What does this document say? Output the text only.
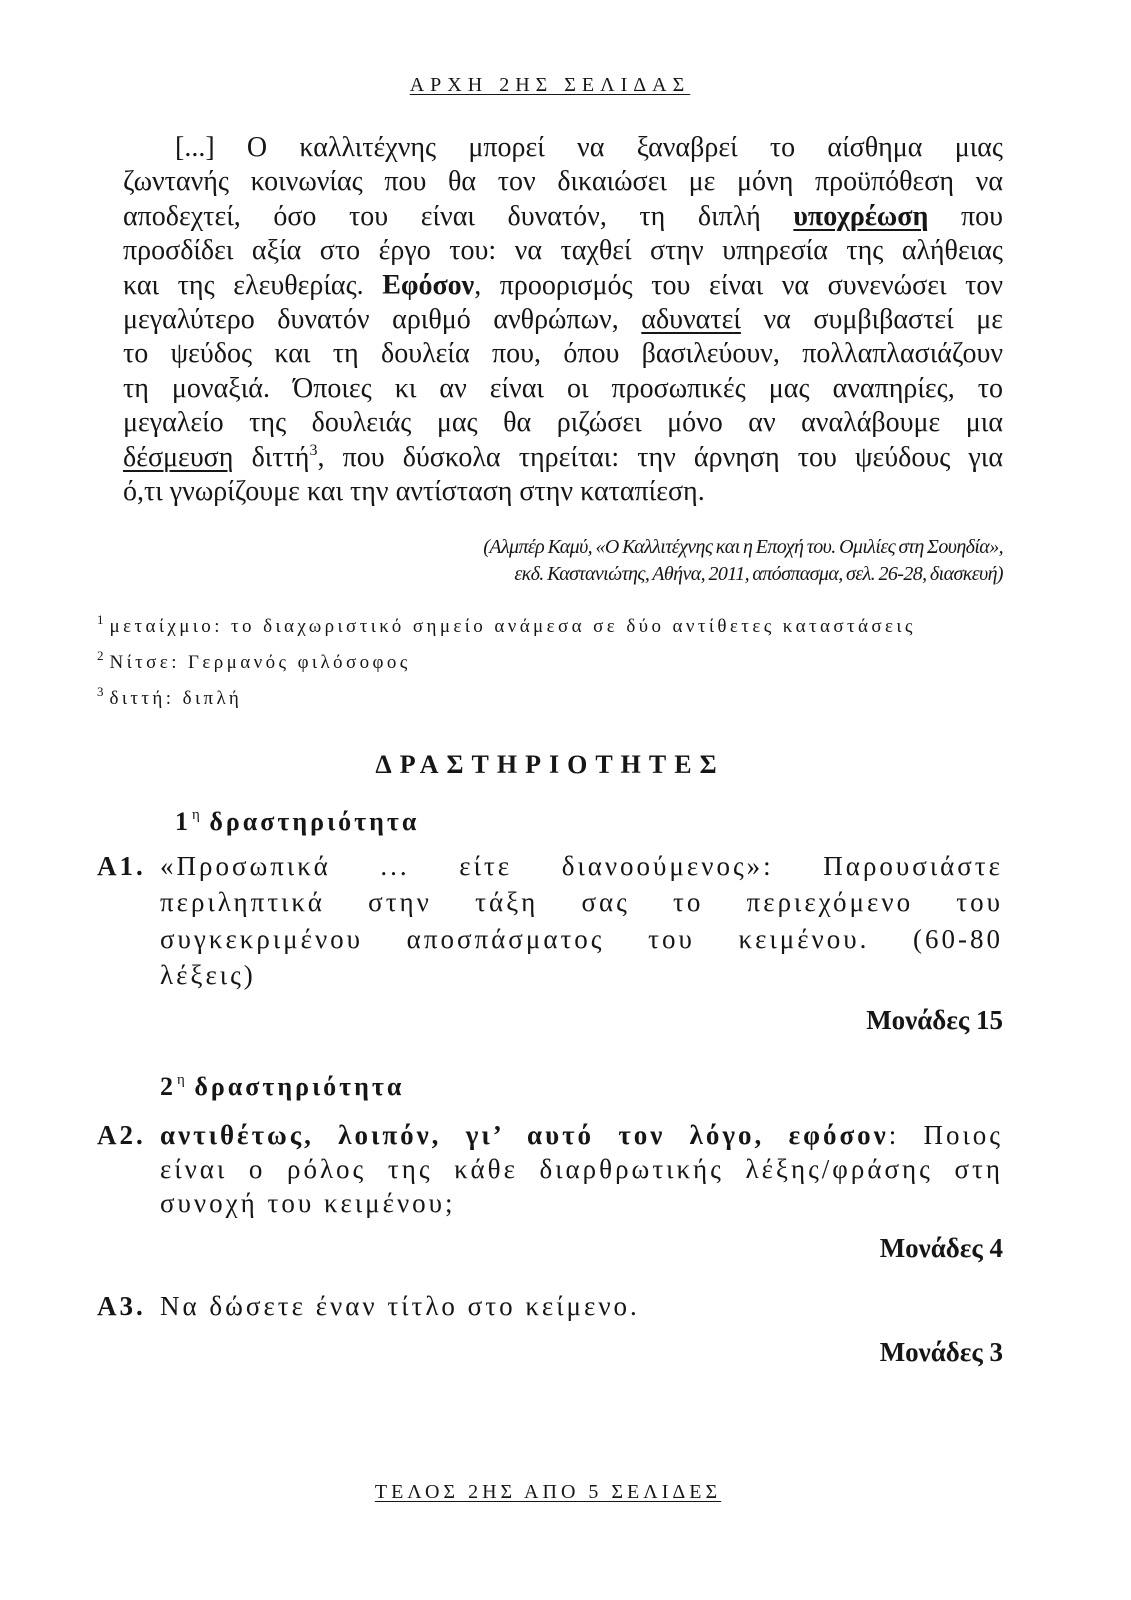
ΑΡΧΗ 2ΗΣ ΣΕΛΙΔΑΣ
[...] Ο καλλιτέχνης μπορεί να ξαναβρεί το αίσθημα μιας
ζωντανής κοινωνίας που θα τον δικαιώσει με μόνη προϋπόθεση να
αποδεχτεί, όσο του είναι δυνατόν, τη διπλή υποχρέωση που
προσδίδει αξία στο έργο του: να ταχθεί στην υπηρεσία της αλήθειας
και της ελευθερίας. Εφόσον, προορισμός του είναι να συνενώσει τον
μεγαλύτερο δυνατόν αριθμό ανθρώπων, αδυνατεί να συμβιβαστεί με
το ψεύδος και τη δουλεία που, όπου βασιλεύουν, πολλαπλασιάζουν
τη μοναξιά. Όποιες κι αν είναι οι προσωπικές μας αναπηρίες, το
μεγαλείο της δουλειάς μας θα ριζώσει μόνο αν αναλάβουμε μια
δέσμευση διττή$^3$, που δύσκολα τηρείται: την άρνηση του ψεύδους για
ό,τι γνωρίζουμε και την αντίσταση στην καταπίεση.
(Αλμπέρ Καμύ, «Ο Καλλιτέχνης και η Εποχή του. Ομιλίες στη Σουηδία»,
εκδ. Καστανιώτης, Αθήνα, 2011, απόσπασμα, σελ. 26-28, διασκευή)
$^1$ μεταίχμιο: το διαχωριστικό σημείο ανάμεσα σε δύο αντίθετες καταστάσεις
$^2$ Νίτσε: Γερμανός φιλόσοφος
$^3$ διττή: διπλή
ΔΡΑΣΤΗΡΙΟΤΗΤΕΣ
$1^\eta$ δραστηριότητα
Α1. «Προσωπικά ... είτε διανοούμενος»: Παρουσιάστε
περιληπτικά στην τάξη σας το περιεχόμενο του
συγκεκριμένου αποσπάσματος του κειμένου. (60-80
λέξεις)
Μονάδες 15
$2^\eta$ δραστηριότητα
Α2. αντιθέτως, λοιπόν, γι’ αυτό τον λόγο, εφόσον: Ποιος
είναι ο ρόλος της κάθε διαρθρωτικής λέξης/φράσης στη
συνοχή του κειμένου;
Μονάδες 4
Α3. Να δώσετε έναν τίτλο στο κείμενο.
Μονάδες 3
ΤΕΛΟΣ 2ΗΣ ΑΠΟ 5 ΣΕΛΙΔΕΣ
